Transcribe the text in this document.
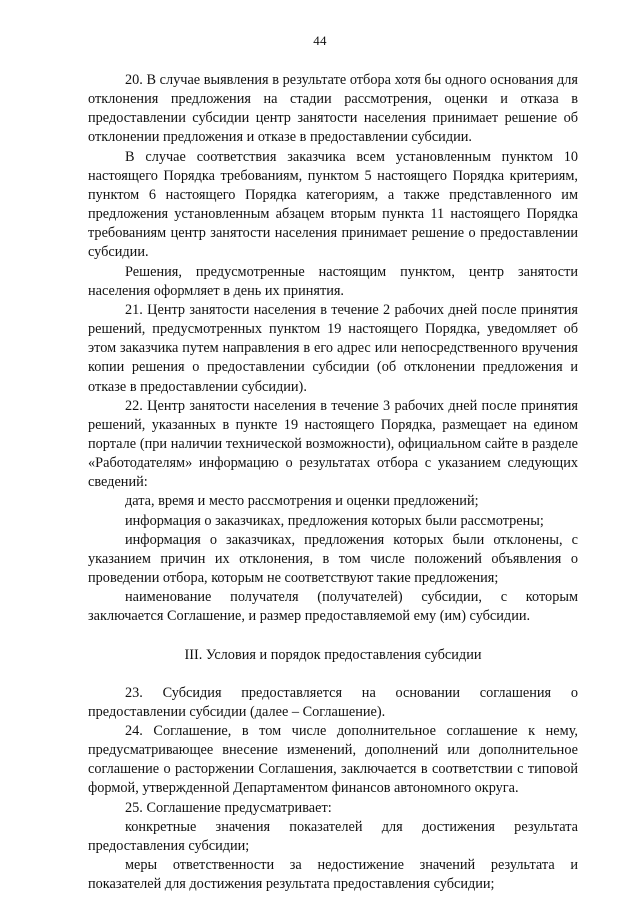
44

20. В случае выявления в результате отбора хотя бы одного основания для отклонения предложения на стадии рассмотрения, оценки и отказа в предоставлении субсидии центр занятости населения принимает решение об отклонении предложения и отказе в предоставлении субсидии.

В случае соответствия заказчика всем установленным пунктом 10 настоящего Порядка требованиям, пунктом 5 настоящего Порядка критериям, пунктом 6 настоящего Порядка категориям, а также представленного им предложения установленным абзацем вторым пункта 11 настоящего Порядка требованиям центр занятости населения принимает решение о предоставлении субсидии.

Решения, предусмотренные настоящим пунктом, центр занятости населения оформляет в день их принятия.

21. Центр занятости населения в течение 2 рабочих дней после принятия решений, предусмотренных пунктом 19 настоящего Порядка, уведомляет об этом заказчика путем направления в его адрес или непосредственного вручения копии решения о предоставлении субсидии (об отклонении предложения и отказе в предоставлении субсидии).

22. Центр занятости населения в течение 3 рабочих дней после принятия решений, указанных в пункте 19 настоящего Порядка, размещает на едином портале (при наличии технической возможности), официальном сайте в разделе «Работодателям» информацию о результатах отбора с указанием следующих сведений:

дата, время и место рассмотрения и оценки предложений;

информация о заказчиках, предложения которых были рассмотрены;

информация о заказчиках, предложения которых были отклонены, с указанием причин их отклонения, в том числе положений объявления о проведении отбора, которым не соответствуют такие предложения;

наименование получателя (получателей) субсидии, с которым заключается Соглашение, и размер предоставляемой ему (им) субсидии.

III. Условия и порядок предоставления субсидии

23. Субсидия предоставляется на основании соглашения о предоставлении субсидии (далее – Соглашение).

24. Соглашение, в том числе дополнительное соглашение к нему, предусматривающее внесение изменений, дополнений или дополнительное соглашение о расторжении Соглашения, заключается в соответствии с типовой формой, утвержденной Департаментом финансов автономного округа.

25. Соглашение предусматривает:

конкретные значения показателей для достижения результата предоставления субсидии;

меры ответственности за недостижение значений результата и показателей для достижения результата предоставления субсидии;
